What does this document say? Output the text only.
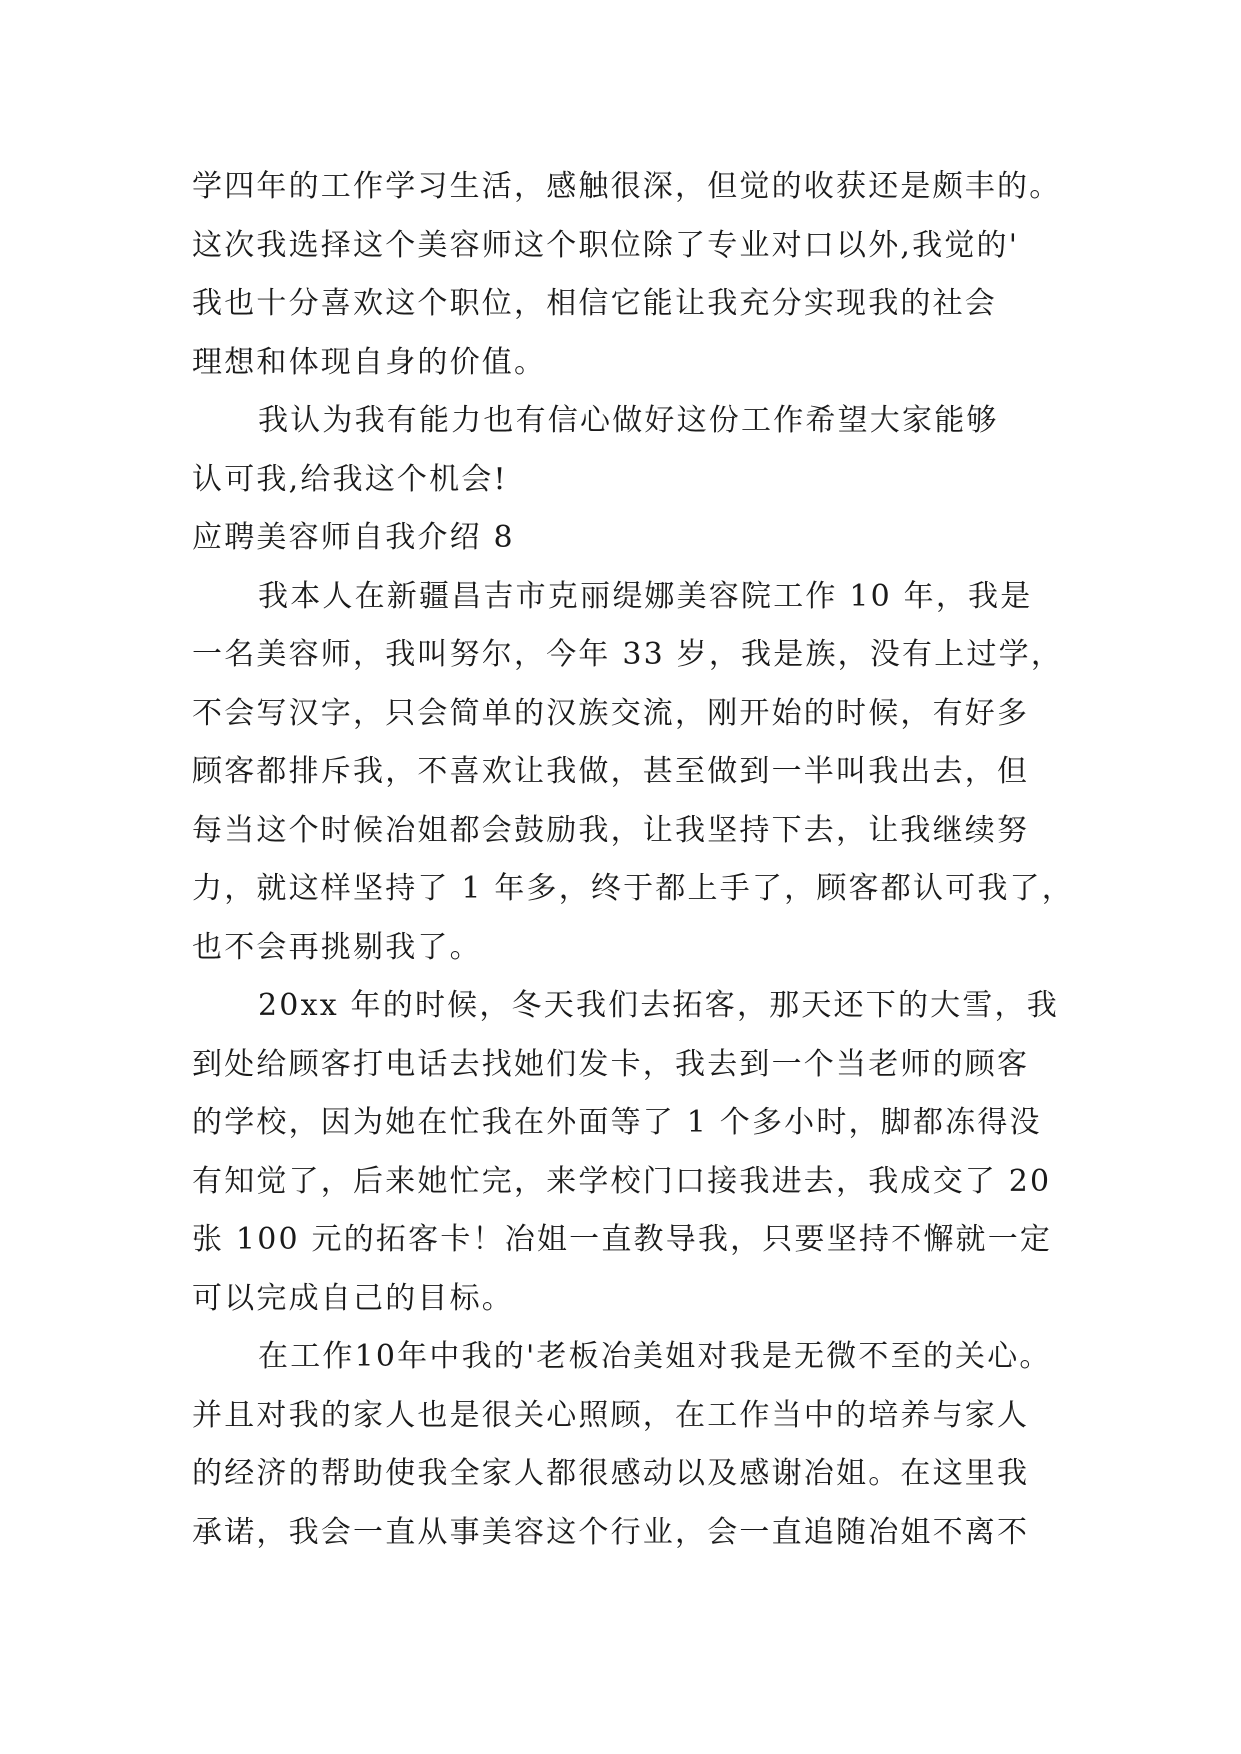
学四年的工作学习生活，感触很深，但觉的收获还是颇丰的。
这次我选择这个美容师这个职位除了专业对口以外,我觉的'
我也十分喜欢这个职位，相信它能让我充分实现我的社会
理想和体现自身的价值。
我认为我有能力也有信心做好这份工作希望大家能够
认可我,给我这个机会!
应聘美容师自我介绍 8
我本人在新疆昌吉市克丽缇娜美容院工作 10 年，我是
一名美容师，我叫努尔，今年 33 岁，我是族，没有上过学，
不会写汉字，只会简单的汉族交流，刚开始的时候，有好多
顾客都排斥我，不喜欢让我做，甚至做到一半叫我出去，但
每当这个时候冶姐都会鼓励我，让我坚持下去，让我继续努
力，就这样坚持了 1 年多，终于都上手了，顾客都认可我了，
也不会再挑剔我了。
20xx 年的时候，冬天我们去拓客，那天还下的大雪，我
到处给顾客打电话去找她们发卡，我去到一个当老师的顾客
的学校，因为她在忙我在外面等了 1 个多小时，脚都冻得没
有知觉了，后来她忙完，来学校门口接我进去，我成交了 20
张 100 元的拓客卡！冶姐一直教导我，只要坚持不懈就一定
可以完成自己的目标。
在工作10年中我的'老板冶美姐对我是无微不至的关心。
并且对我的家人也是很关心照顾，在工作当中的培养与家人
的经济的帮助使我全家人都很感动以及感谢冶姐。在这里我
承诺，我会一直从事美容这个行业，会一直追随冶姐不离不
